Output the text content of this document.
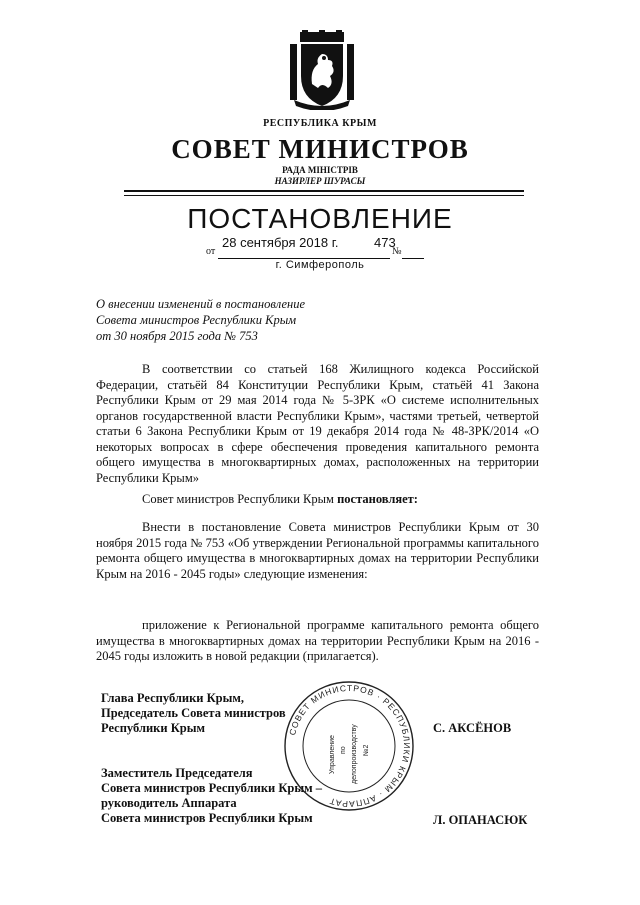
РЕСПУБЛИКА КРЫМ
СОВЕТ МИНИСТРОВ
РАДА МІНІСТРІВ
НАЗИРЛЕР ШУРАСЫ
ПОСТАНОВЛЕНИЕ
28 сентября 2018 г.	473
от	№
г. Симферополь
О внесении изменений в постановление
Совета министров Республики Крым
от 30 ноября 2015 года № 753

В соответствии со статьей 168 Жилищного кодекса Российской Федерации, статьёй 84 Конституции Республики Крым, статьёй 41 Закона Республики Крым от 29 мая 2014 года № 5-ЗРК «О системе исполнительных органов государственной власти Республики Крым», частями третьей, четвертой статьи 6 Закона Республики Крым от 19 декабря 2014 года № 48-ЗРК/2014 «О некоторых вопросах в сфере обеспечения проведения капитального ремонта общего имущества в многоквартирных домах, расположенных на территории Республики Крым»

Совет министров Республики Крым постановляет:

Внести в постановление Совета министров Республики Крым от 30 ноября 2015 года № 753 «Об утверждении Региональной программы капитального ремонта общего имущества в многоквартирных домах на территории Республики Крым на 2016 - 2045 годы» следующие изменения:

приложение к Региональной программе капитального ремонта общего имущества в многоквартирных домах на территории Республики Крым на 2016 - 2045 годы изложить в новой редакции (прилагается).

Глава Республики Крым,
Председатель Совета министров
Республики Крым	С. АКСЁНОВ
Заместитель Председателя
Совета министров Республики Крым –
руководитель Аппарата
Совета министров Республики Крым	Л. ОПАНАСЮК
СОВЕТ МИНИСТРОВ · РЕСПУБЛИКИ КРЫМ · АППАРАТ
Управление по делопроизводству №2
